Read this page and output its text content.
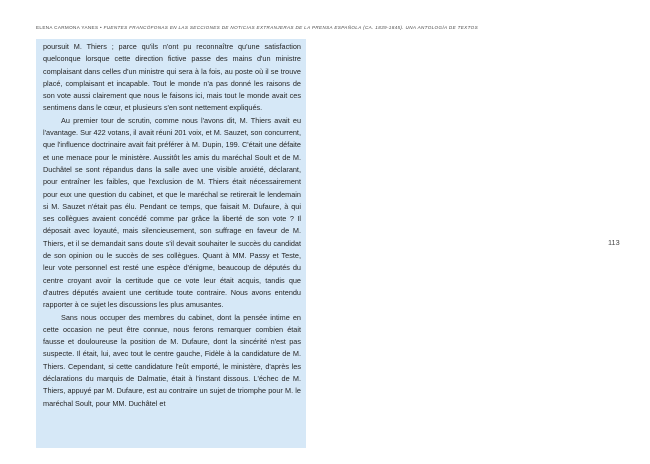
ELENA CARMONA YANES • FUENTES FRANCÓFONAS EN LAS SECCIONES DE NOTICIAS EXTRANJERAS DE LA PRENSA ESPAÑOLA (CA. 1839-1845). UNA ANTOLOGÍA DE TEXTOS

poursuit M. Thiers ; parce qu'ils n'ont pu reconnaître qu'une satisfaction quelconque lorsque cette direction fictive passe des mains d'un ministre complaisant dans celles d'un ministre qui sera à la fois, au poste où il se trouve placé, complaisant et incapable. Tout le monde n'a pas donné les raisons de son vote aussi clairement que nous le faisons ici, mais tout le monde avait ces sentimens dans le cœur, et plusieurs s'en sont nettement expliqués.

Au premier tour de scrutin, comme nous l'avons dit, M. Thiers avait eu l'avantage. Sur 422 votans, il avait réuni 201 voix, et M. Sauzet, son concurrent, que l'influence doctrinaire avait fait préférer à M. Dupin, 199. C'était une défaite et une menace pour le ministère. Aussitôt les amis du maréchal Soult et de M. Duchâtel se sont répandus dans la salle avec une visible anxiété, déclarant, pour entraîner les faibles, que l'exclusion de M. Thiers était nécessairement pour eux une question du cabinet, et que le maréchal se retirerait le lendemain si M. Sauzet n'était pas élu. Pendant ce temps, que faisait M. Dufaure, à qui ses collègues avaient concédé comme par grâce la liberté de son vote ? Il déposait avec loyauté, mais silencieusement, son suffrage en faveur de M. Thiers, et il se demandait sans doute s'il devait souhaiter le succès du candidat de son opinion ou le succès de ses collègues. Quant à MM. Passy et Teste, leur vote personnel est resté une espèce d'énigme, beaucoup de députés du centre croyant avoir la certitude que ce vote leur était acquis, tandis que d'autres députés avaient une certitude toute contraire. Nous avons entendu rapporter à ce sujet les discussions les plus amusantes.

Sans nous occuper des membres du cabinet, dont la pensée intime en cette occasion ne peut être connue, nous ferons remarquer combien était fausse et douloureuse la position de M. Dufaure, dont la sincérité n'est pas suspecte. Il était, lui, avec tout le centre gauche, Fidèle à la candidature de M. Thiers. Cependant, si cette candidature l'eût emporté, le ministère, d'après les déclarations du marquis de Dalmatie, était à l'instant dissous. L'échec de M. Thiers, appuyé par M. Dufaure, est au contraire un sujet de triomphe pour M. le maréchal Soult, pour MM. Duchâtel et

113
